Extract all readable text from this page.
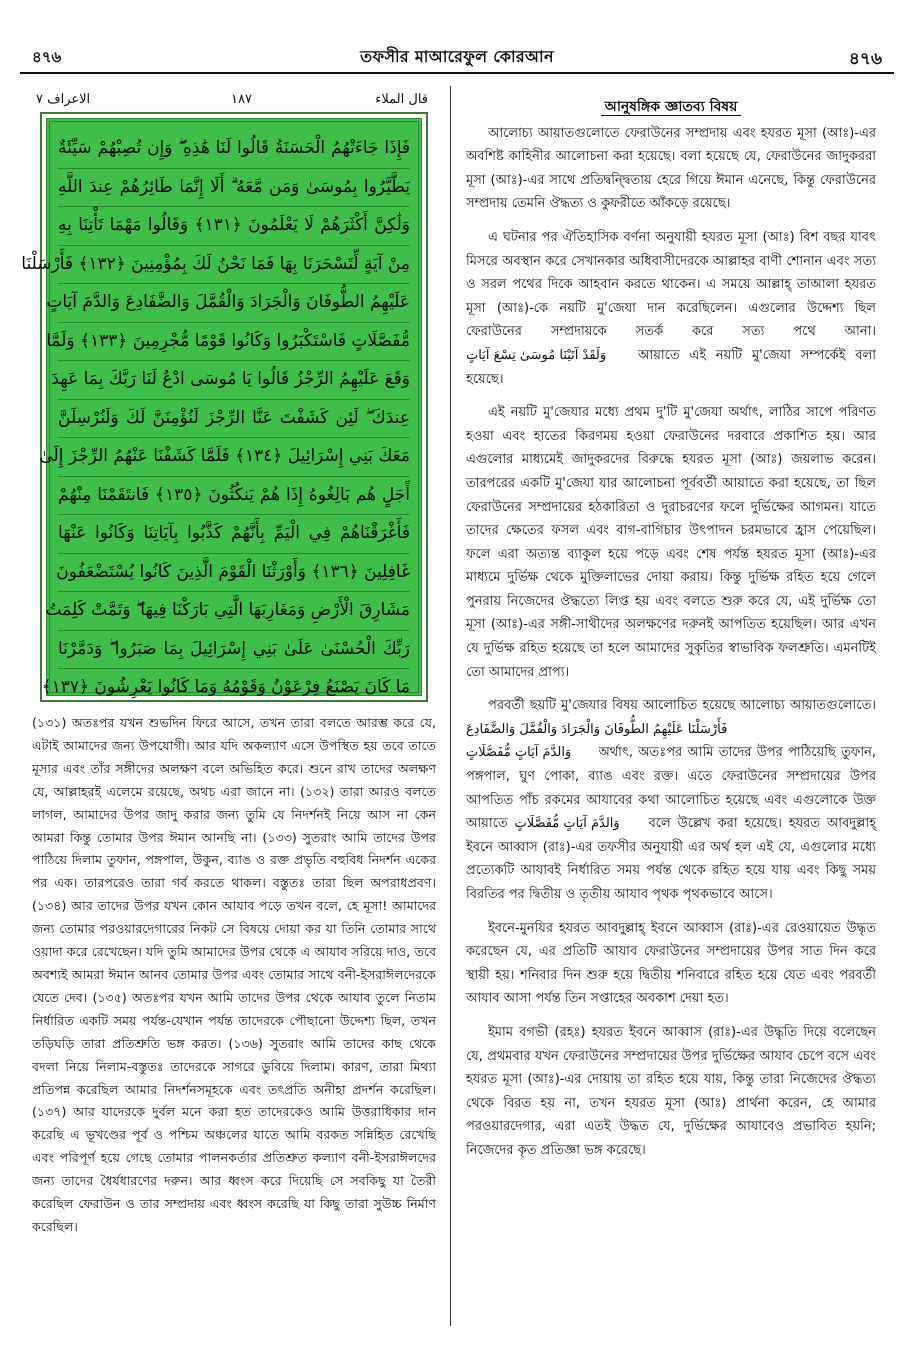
৪৭৬	তফসীর মাআরেফুল কোরআন	৪৭৬
قال الملاء
١٨٧
الاعراف ٧
فَإِذَا جَاءَتْهُمُ الْحَسَنَةُ قَالُوا لَنَا هَٰذِهِ ۖ وَإِن تُصِبْهُمْ سَيِّئَةٌ
يَطَّيَّرُوا بِمُوسَىٰ وَمَن مَّعَهُ ۗ أَلَا إِنَّمَا طَائِرُهُمْ عِندَ اللَّهِ
وَلَٰكِنَّ أَكْثَرَهُمْ لَا يَعْلَمُونَ ﴿١٣١﴾ وَقَالُوا مَهْمَا تَأْتِنَا بِهِ
مِنْ آيَةٍ لِّتَسْحَرَنَا بِهَا فَمَا نَحْنُ لَكَ بِمُؤْمِنِينَ ﴿١٣٢﴾ فَأَرْسَلْنَا
عَلَيْهِمُ الطُّوفَانَ وَالْجَرَادَ وَالْقُمَّلَ وَالضَّفَادِعَ وَالدَّمَ آيَاتٍ
مُّفَصَّلَاتٍ فَاسْتَكْبَرُوا وَكَانُوا قَوْمًا مُّجْرِمِينَ ﴿١٣٣﴾ وَلَمَّا
وَقَعَ عَلَيْهِمُ الرِّجْزُ قَالُوا يَا مُوسَى ادْعُ لَنَا رَبَّكَ بِمَا عَهِدَ
عِندَكَ ۖ لَئِن كَشَفْتَ عَنَّا الرِّجْزَ لَنُؤْمِنَنَّ لَكَ وَلَنُرْسِلَنَّ
مَعَكَ بَنِي إِسْرَائِيلَ ﴿١٣٤﴾ فَلَمَّا كَشَفْنَا عَنْهُمُ الرِّجْزَ إِلَىٰ
أَجَلٍ هُم بَالِغُوهُ إِذَا هُمْ يَنكُثُونَ ﴿١٣٥﴾ فَانتَقَمْنَا مِنْهُمْ
فَأَغْرَقْنَاهُمْ فِي الْيَمِّ بِأَنَّهُمْ كَذَّبُوا بِآيَاتِنَا وَكَانُوا عَنْهَا
غَافِلِينَ ﴿١٣٦﴾ وَأَوْرَثْنَا الْقَوْمَ الَّذِينَ كَانُوا يُسْتَضْعَفُونَ
مَشَارِقَ الْأَرْضِ وَمَغَارِبَهَا الَّتِي بَارَكْنَا فِيهَا ۖ وَتَمَّتْ كَلِمَتُ
رَبِّكَ الْحُسْنَىٰ عَلَىٰ بَنِي إِسْرَائِيلَ بِمَا صَبَرُوا ۖ وَدَمَّرْنَا
مَا كَانَ يَصْنَعُ فِرْعَوْنُ وَقَوْمُهُ وَمَا كَانُوا يَعْرِشُونَ ﴿١٣٧﴾
(১৩১) অতঃপর যখন শুভদিন ফিরে আসে, তখন তারা বলতে আরম্ভ করে যে, এটাই আমাদের জন্য উপযোগী। আর যদি অকল্যাণ এসে উপস্থিত হয় তবে তাতে মূসার এবং তাঁর সঙ্গীদের অলক্ষণ বলে অভিহিত করে। শুনে রাখ তাদের অলক্ষণ যে, আল্লাহরই এলেমে রয়েছে, অথচ এরা জানে না। (১৩২) তারা আরও বলতে লাগল, আমাদের উপর জাদু করার জন্য তুমি যে নিদর্শনই নিয়ে আস না কেন আমরা কিন্তু তোমার উপর ঈমান আনছি না। (১৩৩) সুতরাং আমি তাদের উপর পাঠিয়ে দিলাম তুফান, পঙ্গপাল, উকুন, ব্যাঙ ও রক্ত প্রভৃতি বহুবিধ নিদর্শন একের পর এক। তারপরেও তারা গর্ব করতে থাকল। বস্তুতঃ তারা ছিল অপরাধপ্রবণ। (১৩৪) আর তাদের উপর যখন কোন আযাব পড়ে তখন বলে, হে মূসা! আমাদের জন্য তোমার পরওয়ারদেগারের নিকট সে বিষয়ে দোয়া কর যা তিনি তোমার সাথে ওয়াদা করে রেখেছেন। যদি তুমি আমাদের উপর থেকে এ আযাব সরিয়ে দাও, তবে অবশ্যই আমরা ঈমান আনব তোমার উপর এবং তোমার সাথে বনী-ইসরাঈলদেরকে যেতে দেব। (১৩৫) অতঃপর যখন আমি তাদের উপর থেকে আযাব তুলে নিতাম নির্ধারিত একটি সময় পর্যন্ত-যেখান পর্যন্ত তাদেরকে পৌছানো উদ্দেশ্য ছিল, তখন তড়িঘড়ি তারা প্রতিশ্রুতি ভঙ্গ করত। (১৩৬) সুতরাং আমি তাদের কাছ থেকে বদলা নিয়ে নিলাম-বস্তুতঃ তাদেরকে সাগরে ডুবিয়ে দিলাম। কারণ, তারা মিথ্যা প্রতিপন্ন করেছিল আমার নিদর্শনসমূহকে এবং তৎপ্রতি অনীহা প্রদর্শন করেছিল। (১৩৭) আর যাদেরকে দুর্বল মনে করা হত তাদেরকেও আমি উত্তরাধিকার দান করেছি এ ভূখণ্ডের পূর্ব ও পশ্চিম অঞ্চলের যাতে আমি বরকত সন্নিহিত রেখেছি এবং পরিপূর্ণ হয়ে গেছে তোমার পালনকর্তার প্রতিশ্রুত কল্যাণ বনী-ইসরাঈলদের জন্য তাদের ধৈর্যধারণের দরুন। আর ধ্বংস করে দিয়েছি সে সবকিছু যা তৈরী করেছিল ফেরাউন ও তার সম্প্রদায় এবং ধ্বংস করেছি যা কিছু তারা সুউচ্চ নির্মাণ করেছিল।
আনুষঙ্গিক জ্ঞাতব্য বিষয়

আলোচ্য আয়াতগুলোতে ফেরাউনের সম্প্রদায় এবং হযরত মূসা (আঃ)-এর অবশিষ্ট কাহিনীর আলোচনা করা হয়েছে। বলা হয়েছে যে, ফেরাউনের জাদুকররা মূসা (আঃ)-এর সাথে প্রতিদ্বন্দ্বিতায় হেরে গিয়ে ঈমান এনেছে, কিন্তু ফেরাউনের সম্প্রদায় তেমনি ঔদ্ধত্য ও কুফরীতে আঁকড়ে রয়েছে।

এ ঘটনার পর ঐতিহাসিক বর্ণনা অনুযায়ী হযরত মূসা (আঃ) বিশ বছর যাবৎ মিসরে অবস্থান করে সেখানকার অধিবাসীদেরকে আল্লাহর বাণী শোনান এবং সত্য ও সরল পথের দিকে আহবান করতে থাকেন। এ সময়ে আল্লাহ্ তাআলা হযরত মূসা (আঃ)-কে নয়টি মু'জেযা দান করেছিলেন। এগুলোর উদ্দেশ্য ছিল ফেরাউনের সম্প্রদায়কে সতর্ক করে সত্য পথে আনা। وَلَقَدْ آتَيْنَا مُوسَىٰ تِسْعَ آيَاتٍ আয়াতে এই নয়টি মু'জেযা সম্পর্কেই বলা হয়েছে।

এই নয়টি মু'জেযার মধ্যে প্রথম দু'টি মু'জেযা অর্থাৎ, লাঠির সাপে পরিণত হওয়া এবং হাতের কিরণময় হওয়া ফেরাউনের দরবারে প্রকাশিত হয়। আর এগুলোর মাধ্যমেই জাদুকরদের বিরুদ্ধে হযরত মূসা (আঃ) জয়লাভ করেন। তারপরের একটি মু'জেযা যার আলোচনা পূর্ববর্তী আয়াতে করা হয়েছে, তা ছিল ফেরাউনের সম্প্রদায়ের হঠকারিতা ও দুরাচরণের ফলে দুর্ভিক্ষের আগমন। যাতে তাদের ক্ষেতের ফসল এবং বাগ-বাগিচার উৎপাদন চরমভাবে হ্রাস পেয়েছিল। ফলে এরা অত্যন্ত ব্যাকুল হয়ে পড়ে এবং শেষ পর্যন্ত হযরত মূসা (আঃ)-এর মাধ্যমে দুর্ভিক্ষ থেকে মুক্তিলাভের দোয়া করায়। কিন্তু দুর্ভিক্ষ রহিত হয়ে গেলে পুনরায় নিজেদের ঔদ্ধত্যে লিপ্ত হয় এবং বলতে শুরু করে যে, এই দুর্ভিক্ষ তো মূসা (আঃ)-এর সঙ্গী-সাথীদের অলক্ষণের দরুনই আপতিত হয়েছিল। আর এখন যে দুর্ভিক্ষ রহিত হয়েছে তা হলে আমাদের সুকৃতির স্বাভাবিক ফলশ্রুতি। এমনটিই তো আমাদের প্রাপ্য।

পরবর্তী ছয়টি মু'জেযার বিষয় আলোচিত হয়েছে আলোচ্য আয়াতগুলোতে। فَأَرْسَلْنَا عَلَيْهِمُ الطُّوفَانَ وَالْجَرَادَ وَالْقُمَّلَ وَالضَّفَادِعَ
وَالدَّمَ آيَاتٍ مُّفَصَّلَاتٍ অর্থাৎ, অতঃপর আমি তাদের উপর পাঠিয়েছি তুফান, পঙ্গপাল, ঘুণ পোকা, ব্যাঙ এবং রক্ত। এতে ফেরাউনের সম্প্রদায়ের উপর আপতিত পাঁচ রকমের আযাবের কথা আলোচিত হয়েছে এবং এগুলোকে উক্ত আয়াতে وَالدَّمَ آيَاتٍ مُّفَصَّلَاتٍ বলে উল্লেখ করা হয়েছে। হযরত আবদুল্লাহ্ ইবনে আব্বাস (রাঃ)-এর তফসীর অনুযায়ী এর অর্থ হল এই যে, এগুলোর মধ্যে প্রত্যেকটি আযাবই নির্ধারিত সময় পর্যন্ত থেকে রহিত হয়ে যায় এবং কিছু সময় বিরতির পর দ্বিতীয় ও তৃতীয় আযাব পৃথক পৃথকভাবে আসে।

ইবনে-মুনযির হযরত আবদুল্লাহ্ ইবনে আব্বাস (রাঃ)-এর রেওয়ায়েত উদ্ধৃত করেছেন যে, এর প্রতিটি আযাব ফেরাউনের সম্প্রদায়ের উপর সাত দিন করে স্থায়ী হয়। শনিবার দিন শুরু হয়ে দ্বিতীয় শনিবারে রহিত হয়ে যেত এবং পরবর্তী আযাব আসা পর্যন্ত তিন সপ্তাহের অবকাশ দেয়া হত।

ইমাম বগভী (রহঃ) হযরত ইবনে আব্বাস (রাঃ)-এর উদ্ধৃতি দিয়ে বলেছেন যে, প্রথমবার যখন ফেরাউনের সম্প্রদায়ের উপর দুর্ভিক্ষের আযাব চেপে বসে এবং হযরত মূসা (আঃ)-এর দোয়ায় তা রহিত হয়ে যায়, কিন্তু তারা নিজেদের ঔদ্ধত্য থেকে বিরত হয় না, তখন হযরত মূসা (আঃ) প্রার্থনা করেন, হে আমার পরওয়ারদেগার, এরা এতই উদ্ধত যে, দুর্ভিক্ষের আযাবেও প্রভাবিত হয়নি; নিজেদের কৃত প্রতিজ্ঞা ভঙ্গ করেছে।
